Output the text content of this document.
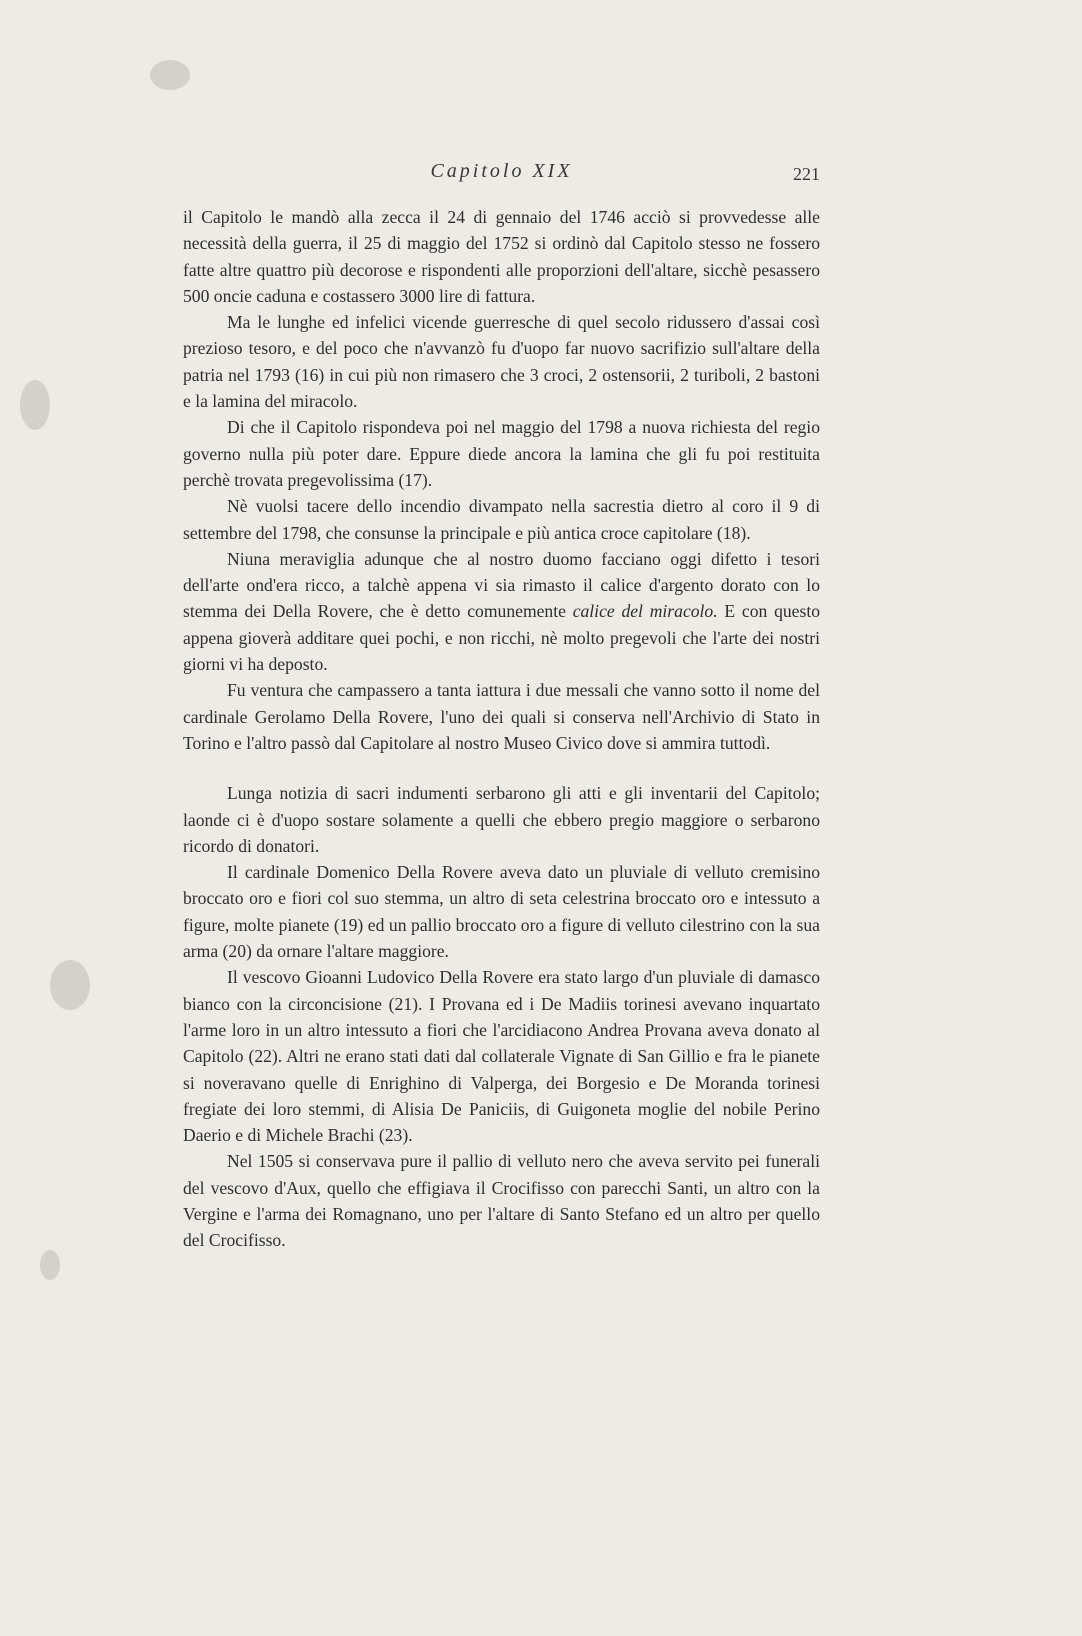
Capitolo XIX	221

il Capitolo le mandò alla zecca il 24 di gennaio del 1746 acciò si provvedesse alle necessità della guerra, il 25 di maggio del 1752 si ordinò dal Capitolo stesso ne fossero fatte altre quattro più decorose e rispondenti alle proporzioni dell'altare, sicchè pesassero 500 oncie caduna e costassero 3000 lire di fattura.

Ma le lunghe ed infelici vicende guerresche di quel secolo ridussero d'assai così prezioso tesoro, e del poco che n'avvanzò fu d'uopo far nuovo sacrifizio sull'altare della patria nel 1793 (16) in cui più non rimasero che 3 croci, 2 ostensorii, 2 turiboli, 2 bastoni e la lamina del miracolo.

Di che il Capitolo rispondeva poi nel maggio del 1798 a nuova richiesta del regio governo nulla più poter dare. Eppure diede ancora la lamina che gli fu poi restituita perchè trovata pregevolissima (17).

Nè vuolsi tacere dello incendio divampato nella sacrestia dietro al coro il 9 di settembre del 1798, che consunse la principale e più antica croce capitolare (18).

Niuna meraviglia adunque che al nostro duomo facciano oggi difetto i tesori dell'arte ond'era ricco, a talchè appena vi sia rimasto il calice d'argento dorato con lo stemma dei Della Rovere, che è detto comunemente calice del miracolo. E con questo appena gioverà additare quei pochi, e non ricchi, nè molto pregevoli che l'arte dei nostri giorni vi ha deposto.

Fu ventura che campassero a tanta iattura i due messali che vanno sotto il nome del cardinale Gerolamo Della Rovere, l'uno dei quali si conserva nell'Archivio di Stato in Torino e l'altro passò dal Capitolare al nostro Museo Civico dove si ammira tuttodì.

Lunga notizia di sacri indumenti serbarono gli atti e gli inventarii del Capitolo; laonde ci è d'uopo sostare solamente a quelli che ebbero pregio maggiore o serbarono ricordo di donatori.

Il cardinale Domenico Della Rovere aveva dato un pluviale di velluto cremisino broccato oro e fiori col suo stemma, un altro di seta celestrina broccato oro e intessuto a figure, molte pianete (19) ed un pallio broccato oro a figure di velluto cilestrino con la sua arma (20) da ornare l'altare maggiore.

Il vescovo Gioanni Ludovico Della Rovere era stato largo d'un pluviale di damasco bianco con la circoncisione (21). I Provana ed i De Madiis torinesi avevano inquartato l'arme loro in un altro intessuto a fiori che l'arcidiacono Andrea Provana aveva donato al Capitolo (22). Altri ne erano stati dati dal collaterale Vignate di San Gillio e fra le pianete si noveravano quelle di Enrighino di Valperga, dei Borgesio e De Moranda torinesi fregiate dei loro stemmi, di Alisia De Paniciis, di Guigoneta moglie del nobile Perino Daerio e di Michele Brachi (23).

Nel 1505 si conservava pure il pallio di velluto nero che aveva servito pei funerali del vescovo d'Aux, quello che effigiava il Crocifisso con parecchi Santi, un altro con la Vergine e l'arma dei Romagnano, uno per l'altare di Santo Stefano ed un altro per quello del Crocifisso.
